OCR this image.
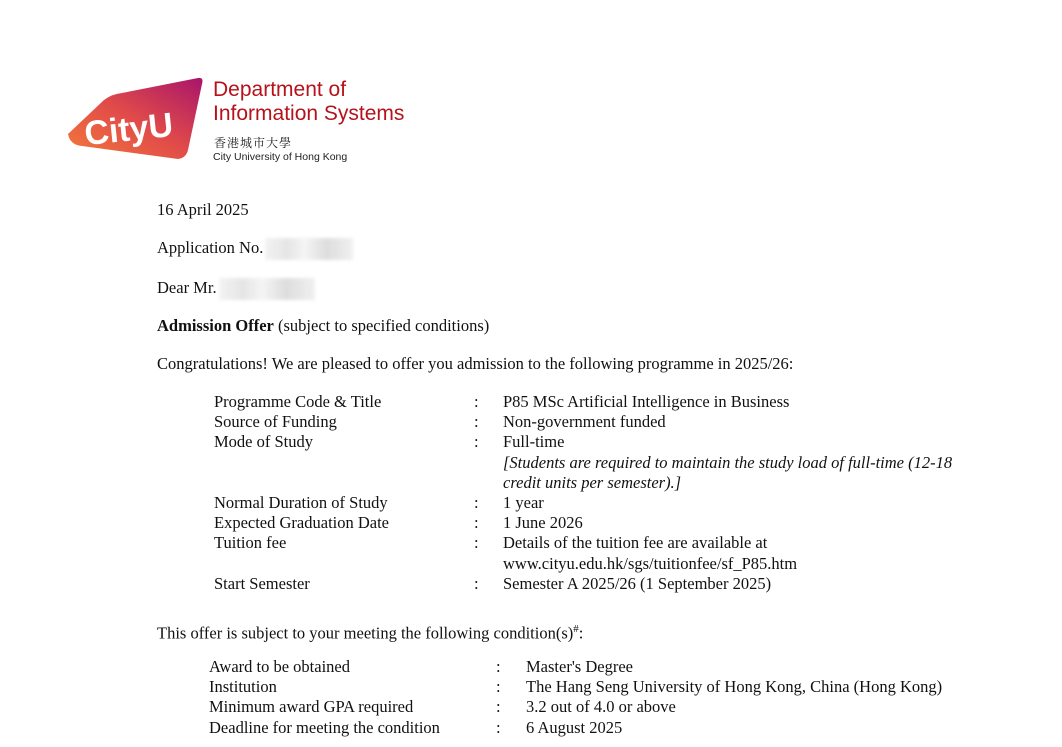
CityU
Department of
Information Systems
香港城市大學
City University of Hong Kong
16 April 2025
Application No.
Dear Mr.
Admission Offer (subject to specified conditions)
Congratulations! We are pleased to offer you admission to the following programme in 2025/26:
Programme Code & Title	: P85 MSc Artificial Intelligence in Business
Source of Funding	: Non-government funded
Mode of Study	: Full-time
[Students are required to maintain the study load of full-time (12-18
credit units per semester).]
Normal Duration of Study	: 1 year
Expected Graduation Date	: 1 June 2026
Tuition fee	: Details of the tuition fee are available at
www.cityu.edu.hk/sgs/tuitionfee/sf_P85.htm
Start Semester	: Semester A 2025/26 (1 September 2025)
This offer is subject to your meeting the following condition(s)#:
Award to be obtained	: Master's Degree
Institution	: The Hang Seng University of Hong Kong, China (Hong Kong)
Minimum award GPA required	: 3.2 out of 4.0 or above
Deadline for meeting the condition	: 6 August 2025
